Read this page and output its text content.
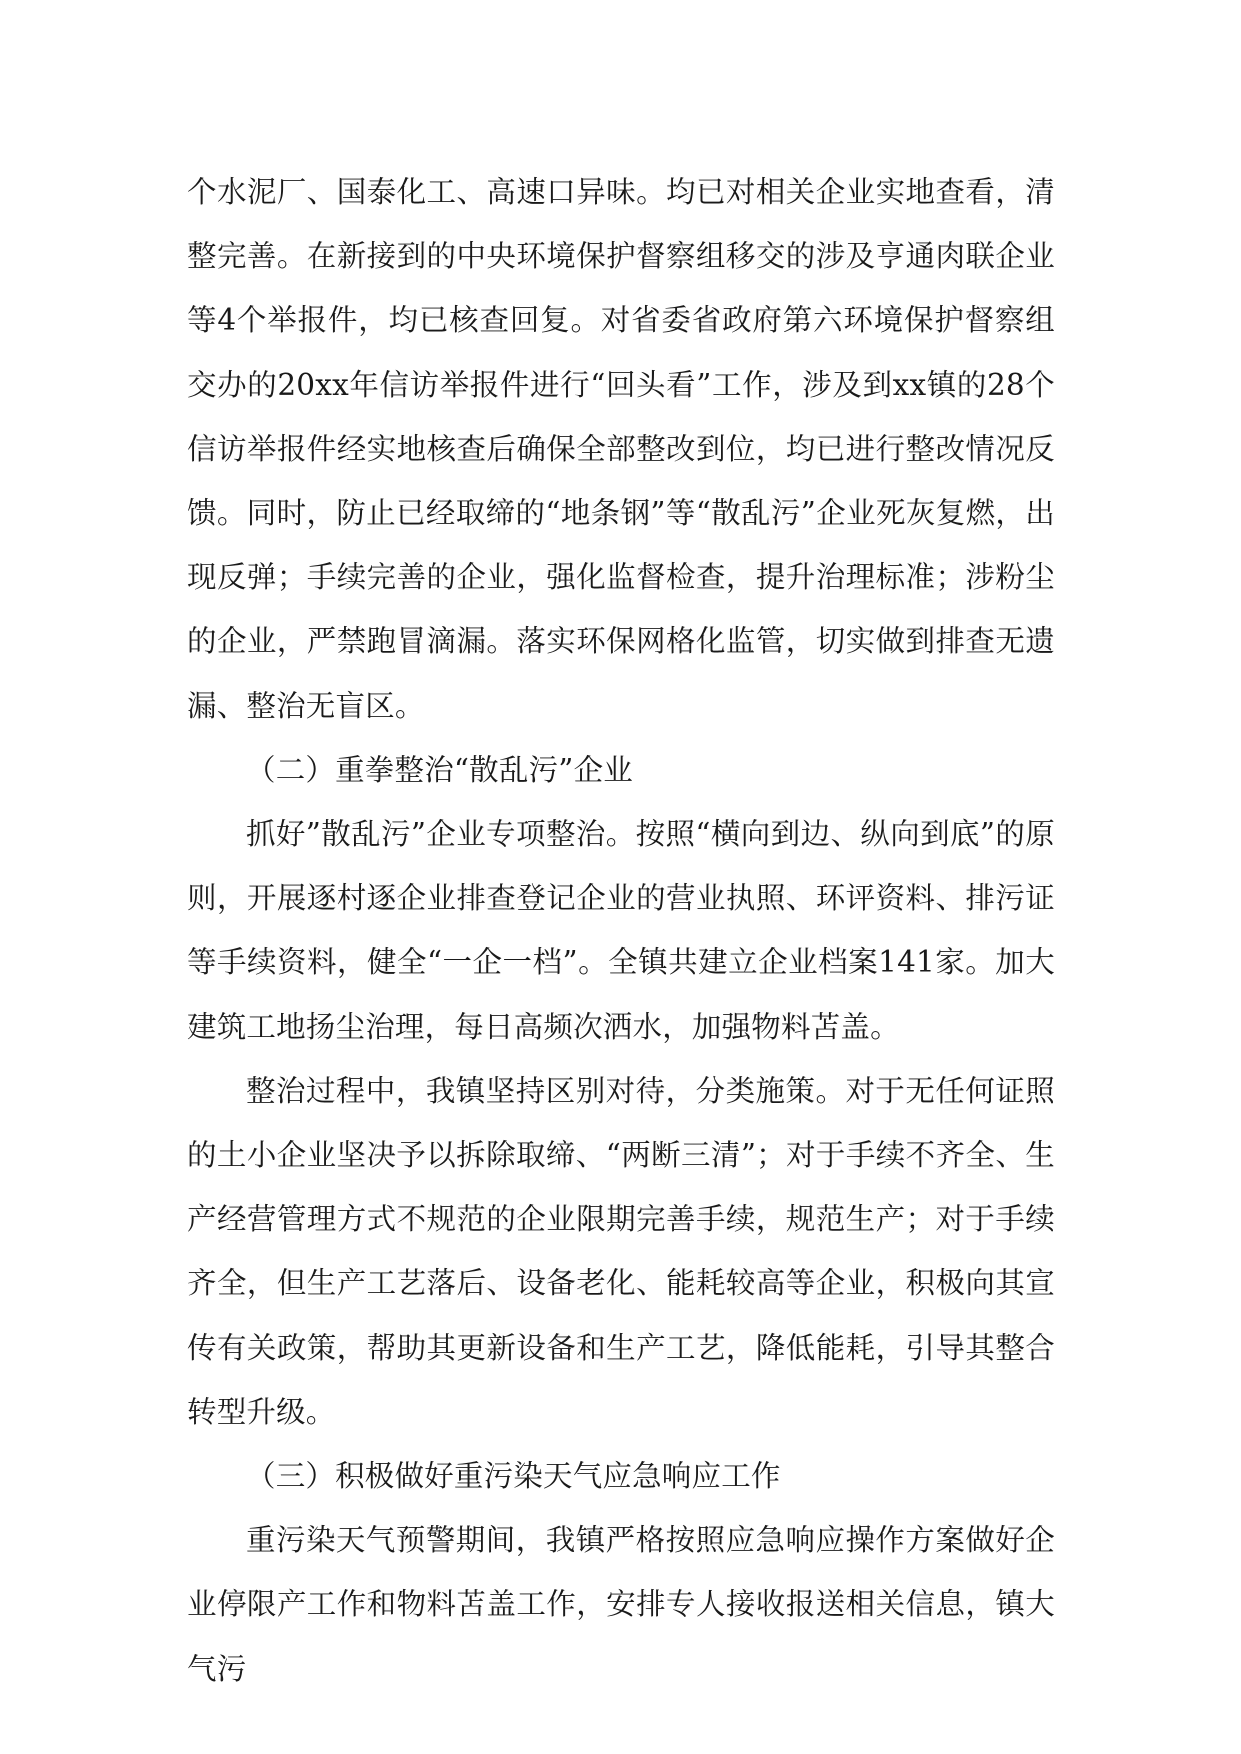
个水泥厂、国泰化工、高速口异味。均已对相关企业实地查看，清整完善。在新接到的中央环境保护督察组移交的涉及亨通肉联企业等4个举报件，均已核查回复。对省委省政府第六环境保护督察组交办的20xx年信访举报件进行“回头看”工作，涉及到xx镇的28个信访举报件经实地核查后确保全部整改到位，均已进行整改情况反馈。同时，防止已经取缔的“地条钢”等“散乱污”企业死灰复燃，出现反弹；手续完善的企业，强化监督检查，提升治理标准；涉粉尘的企业，严禁跑冒滴漏。落实环保网格化监管，切实做到排查无遗漏、整治无盲区。

（二）重拳整治“散乱污”企业

抓好”散乱污”企业专项整治。按照“横向到边、纵向到底”的原则，开展逐村逐企业排查登记企业的营业执照、环评资料、排污证等手续资料，健全“一企一档”。全镇共建立企业档案141家。加大建筑工地扬尘治理，每日高频次洒水，加强物料苫盖。

整治过程中，我镇坚持区别对待，分类施策。对于无任何证照的土小企业坚决予以拆除取缔、“两断三清”；对于手续不齐全、生产经营管理方式不规范的企业限期完善手续，规范生产；对于手续齐全，但生产工艺落后、设备老化、能耗较高等企业，积极向其宣传有关政策，帮助其更新设备和生产工艺，降低能耗，引导其整合转型升级。

（三）积极做好重污染天气应急响应工作

重污染天气预警期间，我镇严格按照应急响应操作方案做好企业停限产工作和物料苫盖工作，安排专人接收报送相关信息，镇大气污
